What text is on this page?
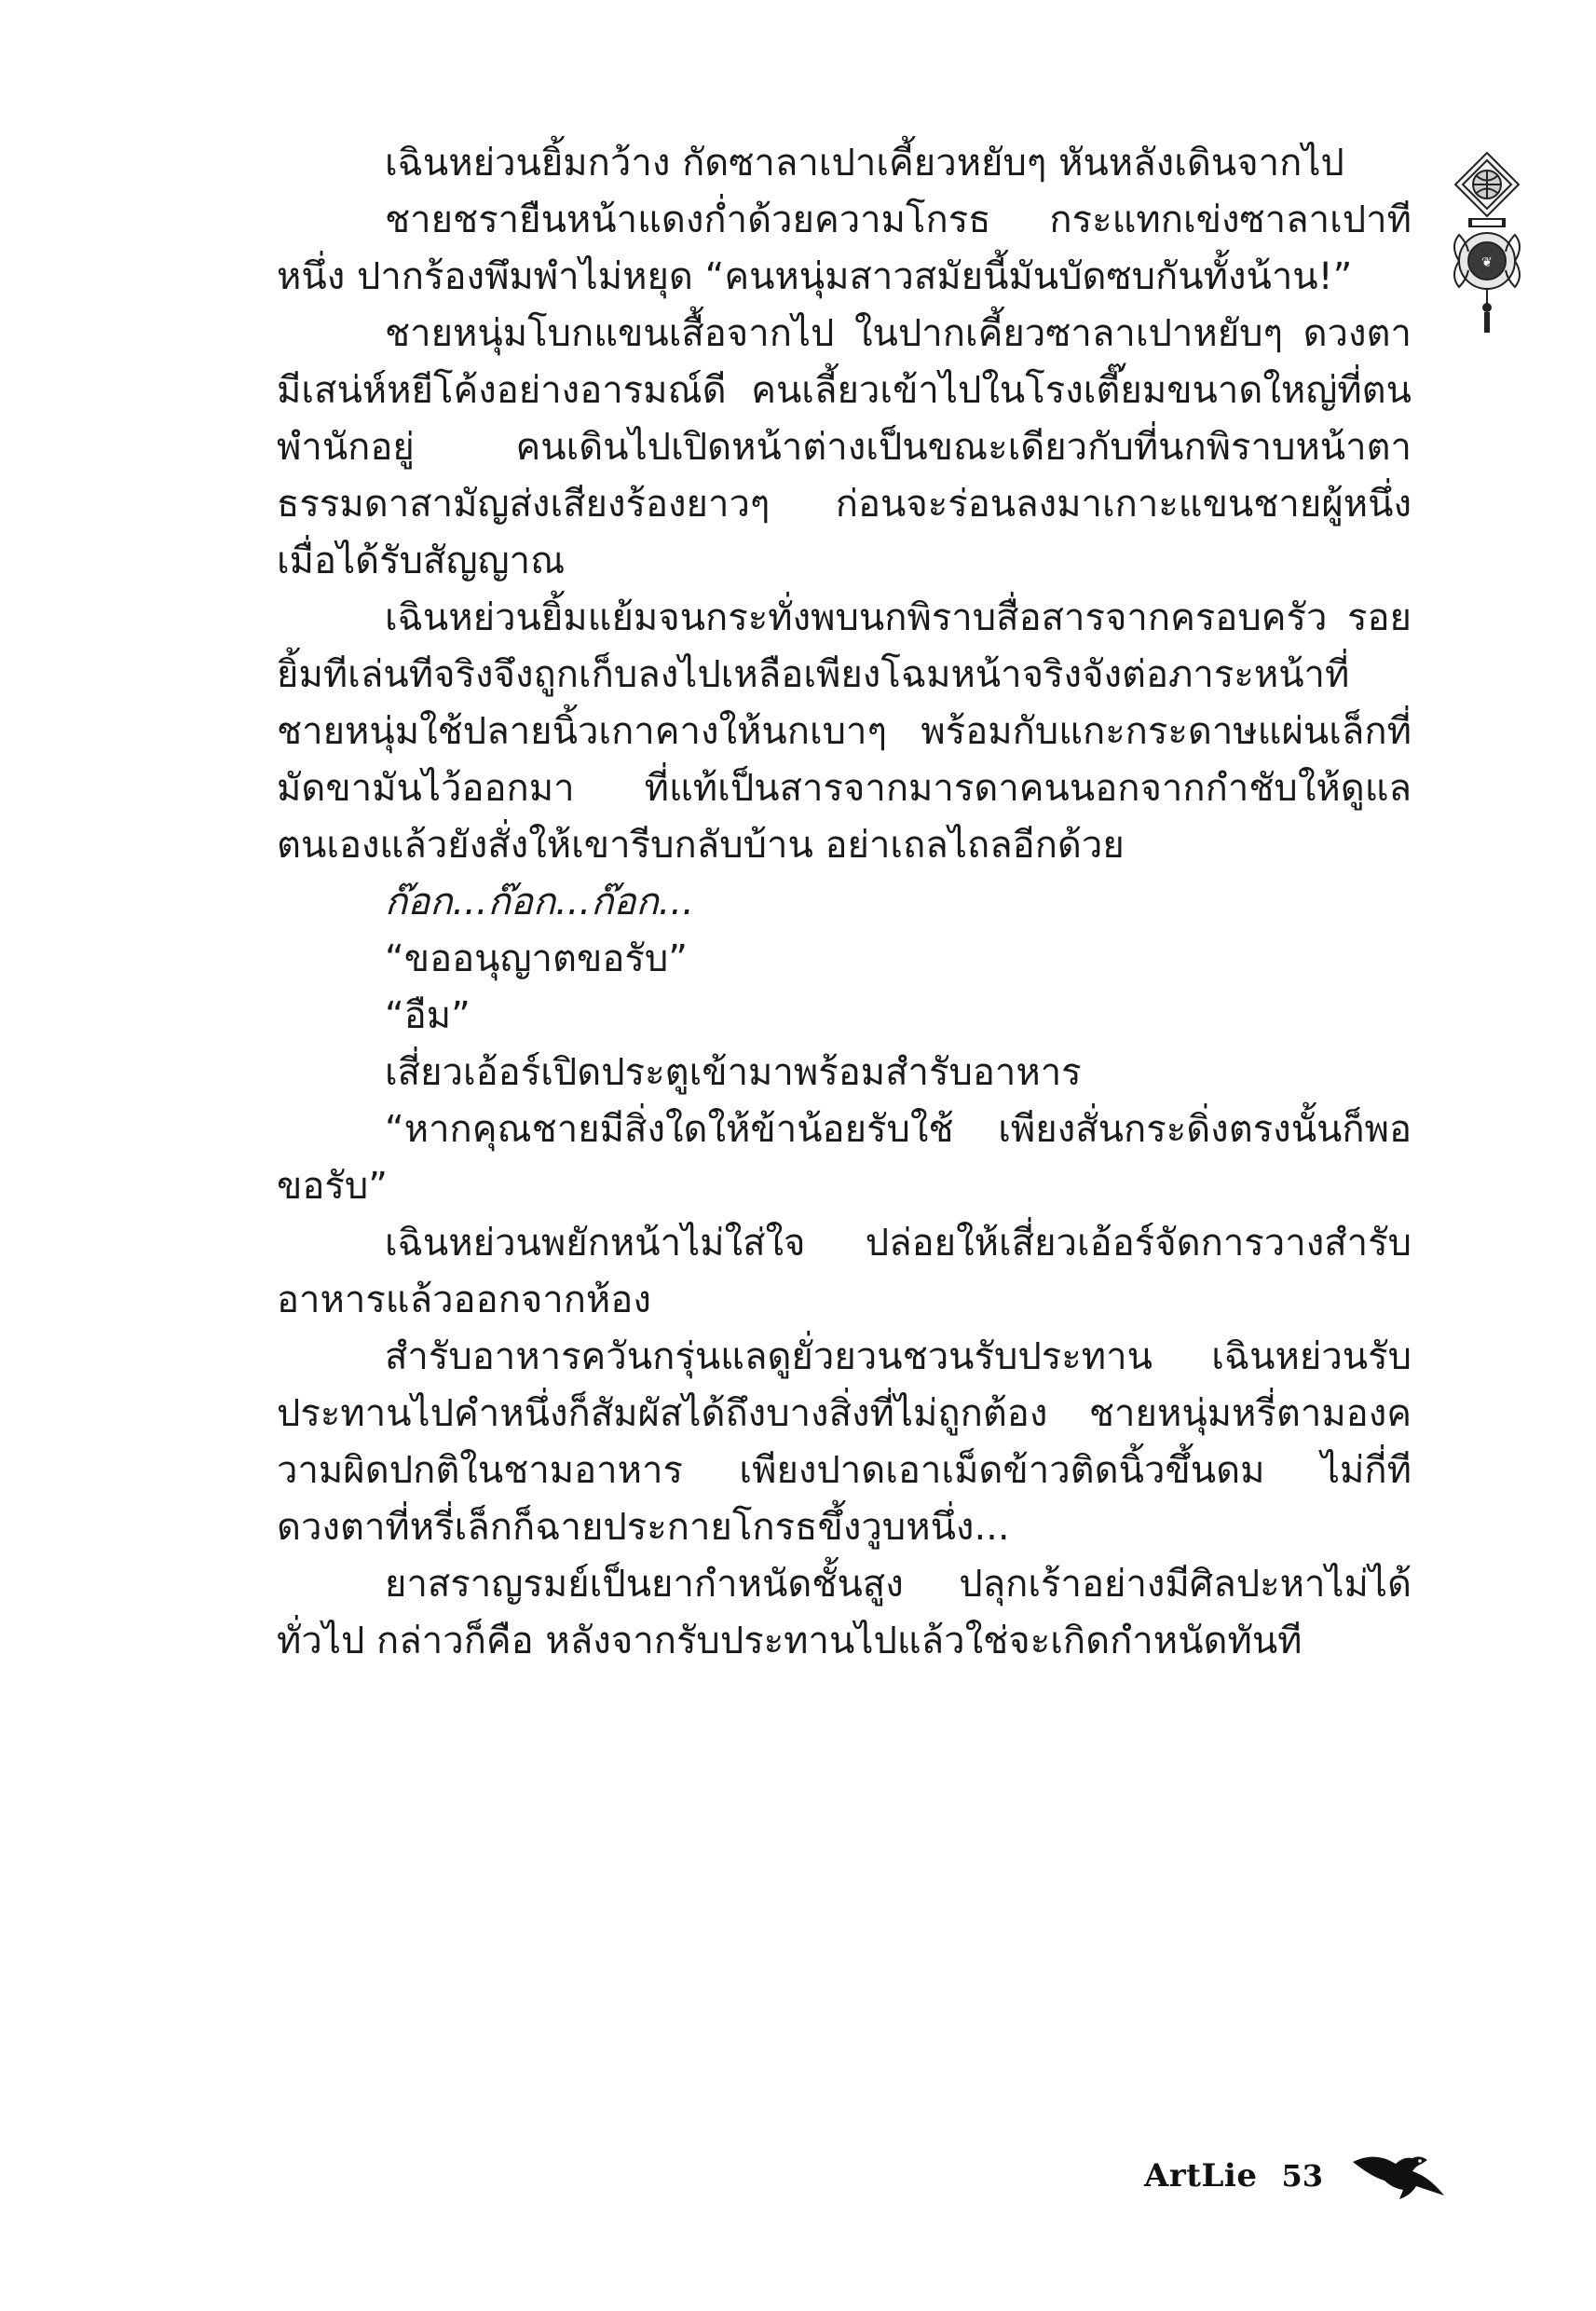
❦

เฉินหย่วนยิ้มกว้าง กัดซาลาเปาเคี้ยวหยับๆ หันหลังเดินจากไป

ชายชรายืนหน้าแดงก่ำด้วยความโกรธ กระแทกเข่งซาลาเปาทีหนึ่ง ปากร้องพึมพำไม่หยุด “คนหนุ่มสาวสมัยนี้มันบัดซบกันทั้งน้าน!”

ชายหนุ่มโบกแขนเสื้อจากไป ในปากเคี้ยวซาลาเปาหยับๆ ดวงตามีเสน่ห์หยีโค้งอย่างอารมณ์ดี คนเลี้ยวเข้าไปในโรงเตี๊ยมขนาดใหญ่ที่ตนพำนักอยู่ คนเดินไปเปิดหน้าต่างเป็นขณะเดียวกับที่นกพิราบหน้าตาธรรมดาสามัญส่งเสียงร้องยาวๆ ก่อนจะร่อนลงมาเกาะแขนชายผู้หนึ่งเมื่อได้รับสัญญาณ

เฉินหย่วนยิ้มแย้มจนกระทั่งพบนกพิราบสื่อสารจากครอบครัว รอยยิ้มทีเล่นทีจริงจึงถูกเก็บลงไปเหลือเพียงโฉมหน้าจริงจังต่อภาระหน้าที่ ชายหนุ่มใช้ปลายนิ้วเกาคางให้นกเบาๆ พร้อมกับแกะกระดาษแผ่นเล็กที่มัดขามันไว้ออกมา ที่แท้เป็นสารจากมารดาคนนอกจากกำชับให้ดูแลตนเองแล้วยังสั่งให้เขารีบกลับบ้าน อย่าเถลไถลอีกด้วย

ก๊อก...ก๊อก...ก๊อก...

“ขออนุญาตขอรับ”

“อืม”

เสี่ยวเอ้อร์เปิดประตูเข้ามาพร้อมสำรับอาหาร

“หากคุณชายมีสิ่งใดให้ข้าน้อยรับใช้ เพียงสั่นกระดิ่งตรงนั้นก็พอขอรับ”

เฉินหย่วนพยักหน้าไม่ใส่ใจ ปล่อยให้เสี่ยวเอ้อร์จัดการวางสำรับอาหารแล้วออกจากห้อง

สำรับอาหารควันกรุ่นแลดูยั่วยวนชวนรับประทาน เฉินหย่วนรับประทานไปคำหนึ่งก็สัมผัสได้ถึงบางสิ่งที่ไม่ถูกต้อง ชายหนุ่มหรี่ตามองความผิดปกติในชามอาหาร เพียงปาดเอาเม็ดข้าวติดนิ้วขึ้นดม ไม่กี่ทีดวงตาที่หรี่เล็กก็ฉายประกายโกรธขึ้งวูบหนึ่ง...

ยาสราญรมย์เป็นยากำหนัดชั้นสูง ปลุกเร้าอย่างมีศิลปะหาไม่ได้ทั่วไป กล่าวก็คือ หลังจากรับประทานไปแล้วใช่จะเกิดกำหนัดทันที

ArtLie 53
